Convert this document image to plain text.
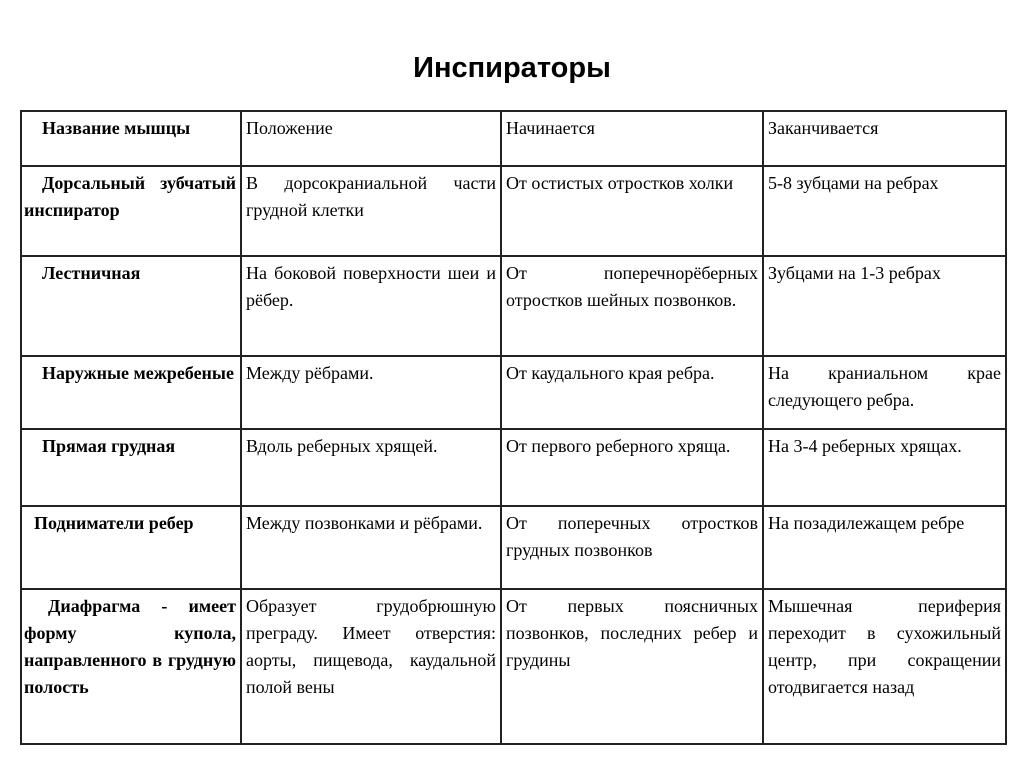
Инспираторы
Название мышцы	Положение	Начинается	Заканчивается
Дорсальный зубчатый инспиратор	В дорсокраниальной части грудной клетки	От остистых отростков холки	5-8 зубцами на ребрах
Лестничная	На боковой поверхности шеи и рёбер.	От поперечнорёберных отростков шейных позвонков.	Зубцами на 1-3 ребрах
Наружные межребеные	Между рёбрами.	От каудального края ребра.	На краниальном крае следующего ребра.
Прямая грудная	Вдоль реберных хрящей.	От первого реберного хряща.	На 3-4 реберных хрящах.
Подниматели ребер	Между позвонками и рёбрами.	От поперечных отростков грудных позвонков	На позадилежащем ребре
Диафрагма - имеет форму купола, направленного в грудную полость	Образует грудобрюшную преграду. Имеет отверстия: аорты, пищевода, каудальной полой вены	От первых поясничных позвонков, последних ребер и грудины	Мышечная периферия переходит в сухожильный центр, при сокращении отодвигается назад
